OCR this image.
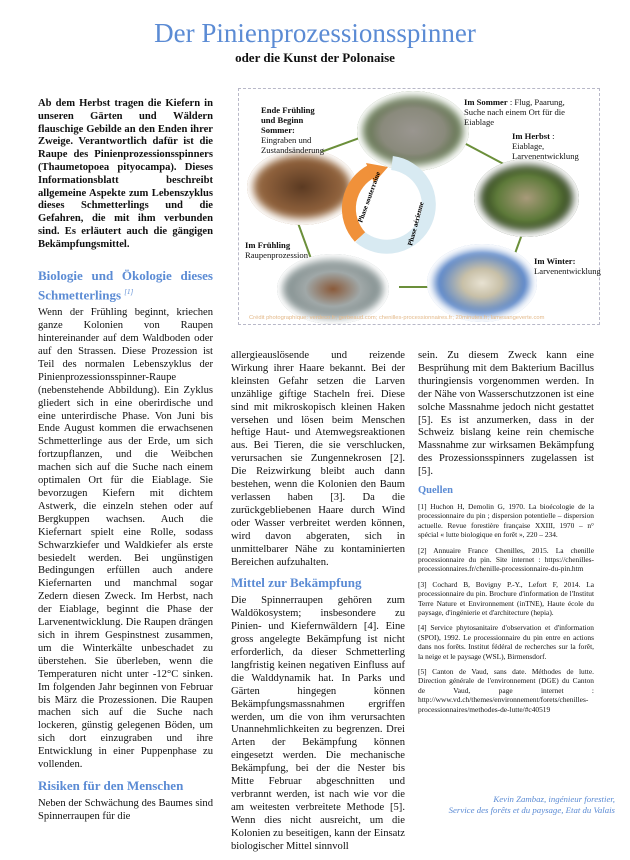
Der Pinienprozessionsspinner
oder die Kunst der Polonaise
Ab dem Herbst tragen die Kiefern in unseren Gärten und Wäldern flauschige Gebilde an den Enden ihrer Zweige. Verantwortlich dafür ist die Raupe des Pinienprozessionsspinners (Thaumetopoea pityocampa). Dieses Informationsblatt beschreibt allgemeine Aspekte zum Lebenszyklus dieses Schmetterlings und die Gefahren, die mit ihm verbunden sind. Es erläutert auch die gängigen Bekämpfungsmittel.
Phase souterraine
Phase aérienne
Ende Frühling und Beginn Sommer:
Eingraben und Zustandsänderung
Im Sommer : Flug, Paarung, Suche nach einem Ort für die Eiablage
Im Herbst :
Eiablage, Larvenentwicklung
Im Frühling
Raupenprozession
Im Winter:
Larvenentwicklung
Crédit photographique: verdeco.fr; gerbeaud.com; chenilles-processionnaires.fr; 20minutes.fr; lamesangeverte.com
Biologie und Ökologie dieses Schmetterlings [1]

Wenn der Frühling beginnt, kriechen ganze Kolonien von Raupen hintereinander auf dem Waldboden oder auf den Strassen. Diese Prozession ist Teil des normalen Lebenszyklus der Pinienprozessionsspinner-Raupe (nebenstehende Abbildung). Ein Zyklus gliedert sich in eine oberirdische und eine unterirdische Phase. Von Juni bis Ende August kommen die erwachsenen Schmetterlinge aus der Erde, um sich fortzupflanzen, und die Weibchen machen sich auf die Suche nach einem optimalen Ort für die Eiablage. Sie bevorzugen Kiefern mit dichtem Astwerk, die einzeln stehen oder auf Bergkuppen wachsen. Auch die Kiefernart spielt eine Rolle, sodass Schwarzkiefer und Waldkiefer als erste besiedelt werden. Bei ungünstigen Bedingungen erfüllen auch andere Kiefernarten und manchmal sogar Zedern diesen Zweck. Im Herbst, nach der Eiablage, beginnt die Phase der Larvenentwicklung. Die Raupen drängen sich in ihrem Gespinstnest zusammen, um die Winterkälte unbeschadet zu überstehen. Sie überleben, wenn die Temperaturen nicht unter -12°C sinken. Im folgenden Jahr beginnen von Februar bis März die Prozessionen. Die Raupen machen sich auf die Suche nach lockeren, günstig gelegenen Böden, um sich dort einzugraben und ihre Entwicklung in einer Puppenphase zu vollenden.

Risiken für den Menschen

Neben der Schwächung des Baumes sind Spinnerraupen für die

allergieauslösende und reizende Wirkung ihrer Haare bekannt. Bei der kleinsten Gefahr setzen die Larven unzählige giftige Stacheln frei. Diese sind mit mikroskopisch kleinen Haken versehen und lösen beim Menschen heftige Haut- und Atemwegsreaktionen aus. Bei Tieren, die sie verschlucken, verursachen sie Zungennekrosen [2]. Die Reizwirkung bleibt auch dann bestehen, wenn die Kolonien den Baum verlassen haben [3]. Da die zurückgebliebenen Haare durch Wind oder Wasser verbreitet werden können, wird davon abgeraten, sich in unmittelbarer Nähe zu kontaminierten Bereichen aufzuhalten.

Mittel zur Bekämpfung

Die Spinnerraupen gehören zum Waldökosystem; insbesondere zu Pinien- und Kiefernwäldern [4]. Eine gross angelegte Bekämpfung ist nicht erforderlich, da dieser Schmetterling langfristig keinen negativen Einfluss auf die Walddynamik hat. In Parks und Gärten hingegen können Bekämpfungsmassnahmen ergriffen werden, um die von ihm verursachten Unannehmlichkeiten zu begrenzen. Drei Arten der Bekämpfung können eingesetzt werden. Die mechanische Bekämpfung, bei der die Nester bis Mitte Februar abgeschnitten und verbrannt werden, ist nach wie vor die am weitesten verbreitete Methode [5]. Wenn dies nicht ausreicht, um die Kolonien zu beseitigen, kann der Einsatz biologischer Mittel sinnvoll

sein. Zu diesem Zweck kann eine Besprühung mit dem Bakterium Bacillus thuringiensis vorgenommen werden. In der Nähe von Wasserschutzzonen ist eine solche Massnahme jedoch nicht gestattet [5]. Es ist anzumerken, dass in der Schweiz bislang keine rein chemische Massnahme zur wirksamen Bekämpfung des Prozessionsspinners zugelassen ist [5].

Quellen

[1] Huchon H, Demolin G, 1970. La bioécologie de la processionnaire du pin ; dispersion potentielle – dispersion actuelle. Revue forestière française XXIII, 1970 – n° spécial « lutte biologique en forêt », 220 – 234.

[2] Annuaire France Chenilles, 2015. La chenille processionnaire du pin. Site internet : https://chenilles-processionnaires.fr/chenille-processionnaire-du-pin.htm

[3] Cochard B, Bovigny P.-Y., Lefort F, 2014. La processionnaire du pin. Brochure d'information de l'Institut Terre Nature et Environnement (inTNE), Haute école du paysage, d'ingénierie et d'architecture (hepia).

[4] Service phytosanitaire d'observation et d'information (SPOI), 1992. Le processionnaire du pin entre en actions dans nos forêts. Institut fédéral de recherches sur la forêt, la neige et le paysage (WSL), Birmensdorf.

[5] Canton de Vaud, sans date. Méthodes de lutte. Direction générale de l'environnement (DGE) du Canton de Vaud, page internet : http://www.vd.ch/themes/environnement/forets/chenilles-processionnaires/methodes-de-lutte/#c40519

Kevin Zambaz, ingénieur forestier,
Service des forêts et du paysage, Etat du Valais
